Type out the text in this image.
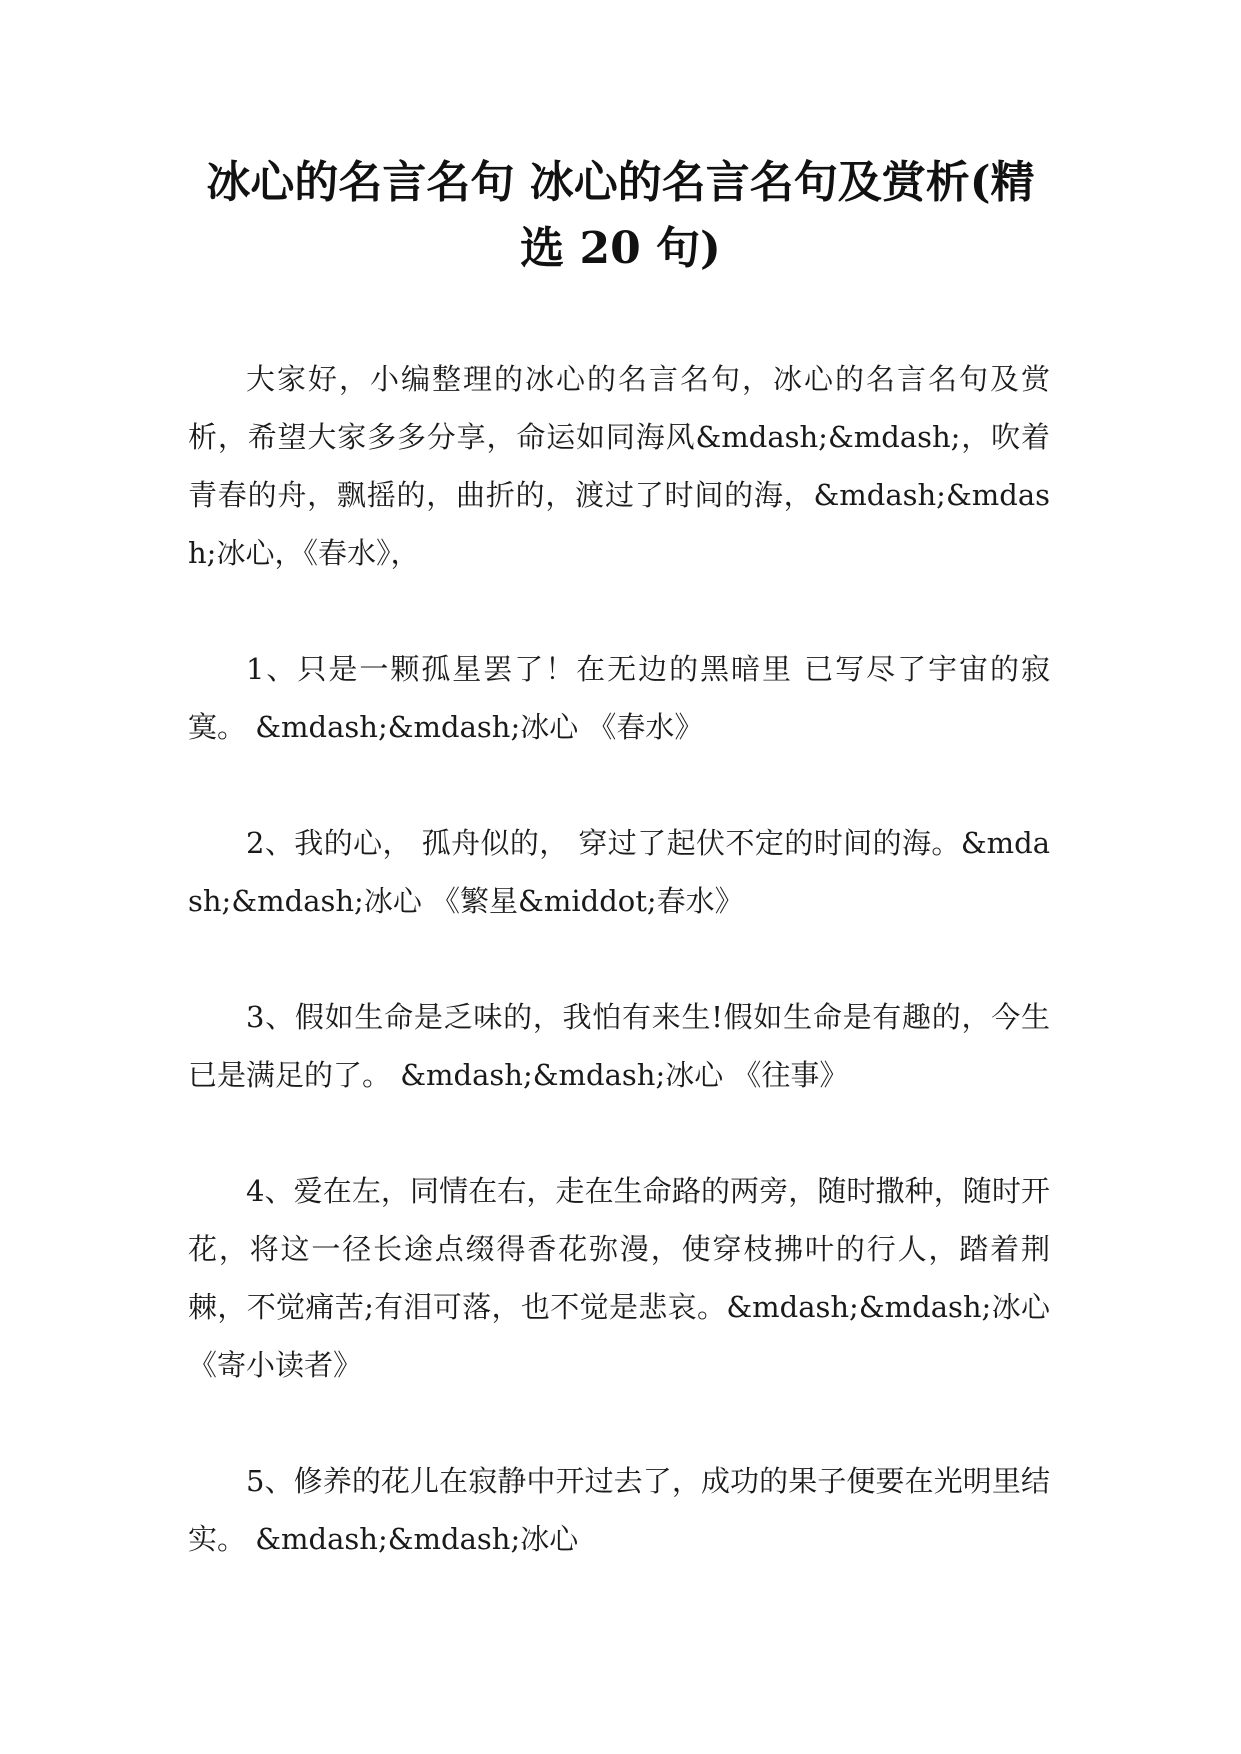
冰心的名言名句 冰心的名言名句及赏析(精
选 20 句)

大家好，小编整理的冰心的名言名句，冰心的名言名句及赏析，希望大家多多分享，命运如同海风&mdash;&mdash;，吹着青春的舟，飘摇的，曲折的，渡过了时间的海，&mdash;&mdash;冰心，《春水》，

1、只是一颗孤星罢了！在无边的黑暗里 已写尽了宇宙的寂寞。 &mdash;&mdash;冰心 《春水》

2、我的心， 孤舟似的， 穿过了起伏不定的时间的海。&mdash;&mdash;冰心 《繁星&middot;春水》

3、假如生命是乏味的，我怕有来生!假如生命是有趣的，今生已是满足的了。 &mdash;&mdash;冰心 《往事》

4、爱在左，同情在右，走在生命路的两旁，随时撒种，随时开花，将这一径长途点缀得香花弥漫，使穿枝拂叶的行人，踏着荆棘，不觉痛苦;有泪可落，也不觉是悲哀。&mdash;&mdash;冰心 《寄小读者》

5、修养的花儿在寂静中开过去了，成功的果子便要在光明里结实。 &mdash;&mdash;冰心
